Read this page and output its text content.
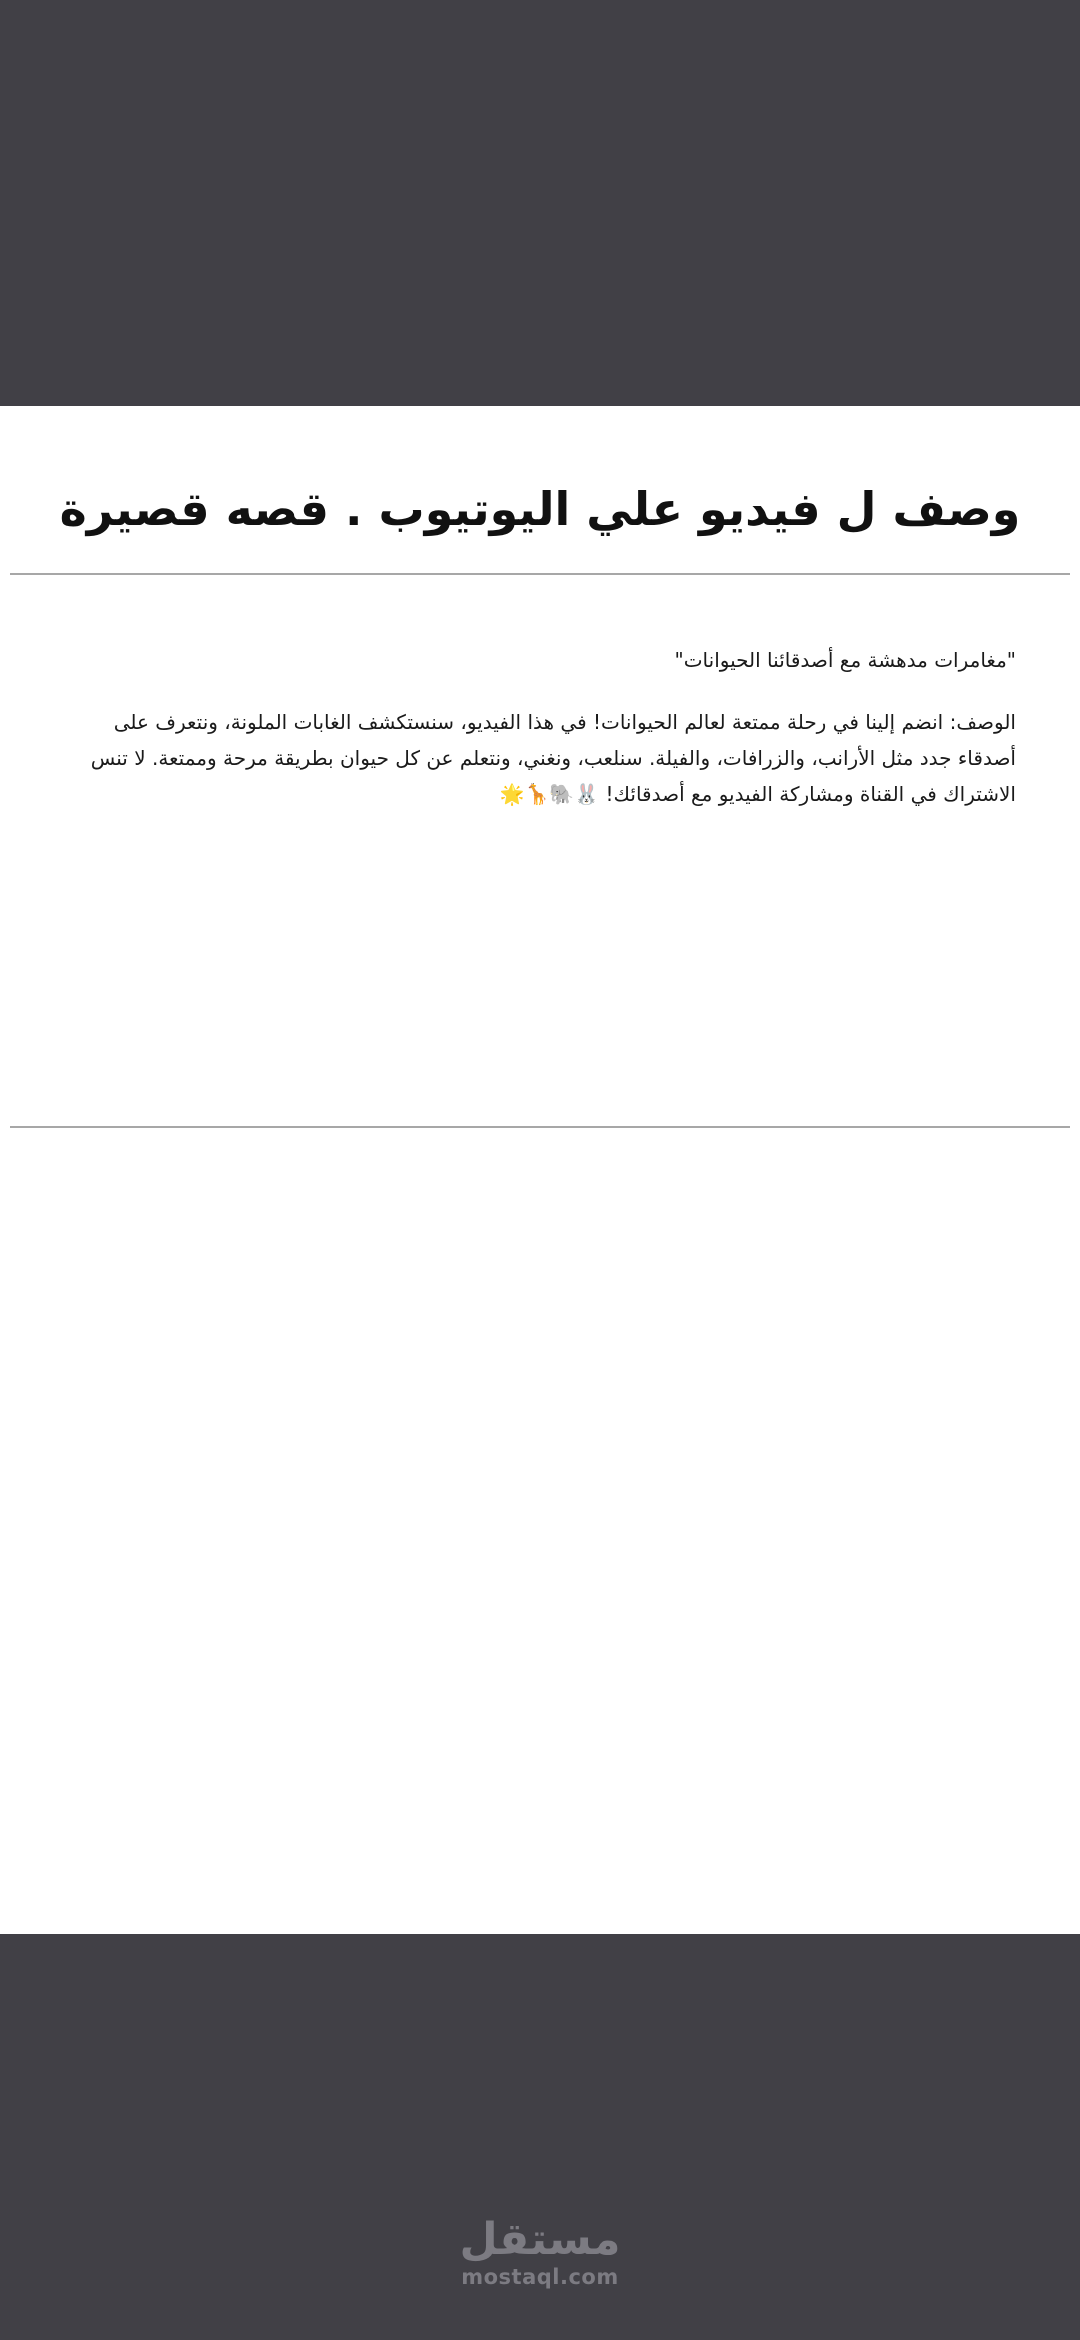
وصف ل فيديو علي اليوتيوب . قصه قصيرة

"مغامرات مدهشة مع أصدقائنا الحيوانات"

الوصف: انضم إلينا في رحلة ممتعة لعالم الحيوانات! في هذا الفيديو، سنستكشف الغابات الملونة، ونتعرف على أصدقاء جدد مثل الأرانب، والزرافات، والفيلة. سنلعب، ونغني، ونتعلم عن كل حيوان بطريقة مرحة وممتعة. لا تنس الاشتراك في القناة ومشاركة الفيديو مع أصدقائك! 🐰🐘🦒🌟

مستقل
mostaql.com
